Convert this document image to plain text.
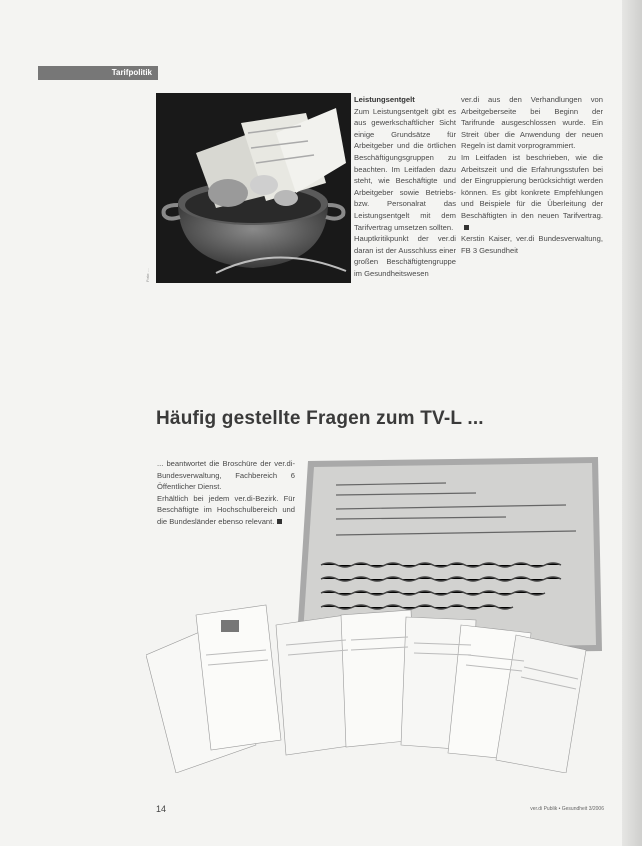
Tarifpolitik
Foto: ...

Leistungsentgelt

Zum Leistungsentgelt gibt es aus gewerkschaftlicher Sicht einige Grundsätze für Arbeitgeber und die örtlichen Beschäftigungsgruppen zu beachten. Im Leitfaden dazu steht, wie Beschäftigte und Arbeitgeber sowie Betriebs- bzw. Personalrat das Leistungsentgelt mit dem Tarifvertrag umsetzen sollten.

Hauptkritikpunkt der ver.di daran ist der Ausschluss einer großen Beschäftigtengruppe im Gesundheitswesen

ver.di aus den Verhandlungen von Arbeitgeberseite bei Beginn der Tarifrunde ausgeschlossen wurde. Ein Streit über die Anwendung der neuen Regeln ist damit vorprogrammiert.

Im Leitfaden ist beschrieben, wie die Arbeitszeit und die Erfahrungsstufen bei der Eingruppierung berücksichtigt werden können. Es gibt konkrete Empfehlungen und Beispiele für die Überleitung der Beschäftigten in den neuen Tarifvertrag.

Kerstin Kaiser, ver.di Bundesverwaltung, FB 3 Gesundheit

Häufig gestellte Fragen zum TV-L ...

... beantwortet die Broschüre der ver.di-Bundesverwaltung, Fachbereich 6 Öffentlicher Dienst.

Erhältlich bei jedem ver.di-Bezirk. Für Beschäftigte im Hochschulbereich und die Bundesländer ebenso relevant.

14	ver.di Publik • Gesundheit 3/2006
